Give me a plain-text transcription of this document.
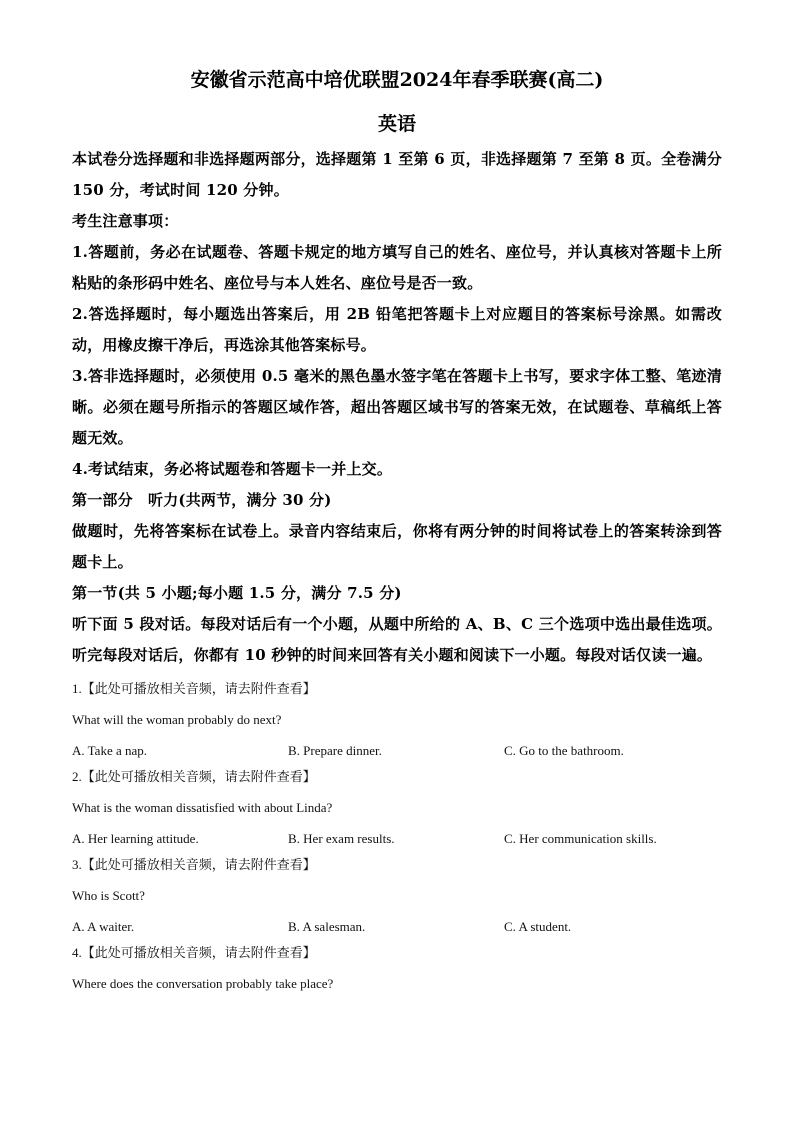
安徽省示范高中培优联盟2024年春季联赛(高二)
英语

本试卷分选择题和非选择题两部分，选择题第 1 至第 6 页，非选择题第 7 至第 8 页。全卷满分 150 分，考试时间 120 分钟。

考生注意事项：

1.答题前，务必在试题卷、答题卡规定的地方填写自己的姓名、座位号，并认真核对答题卡上所粘贴的条形码中姓名、座位号与本人姓名、座位号是否一致。

2.答选择题时，每小题选出答案后，用 2B 铅笔把答题卡上对应题目的答案标号涂黑。如需改动，用橡皮擦干净后，再选涂其他答案标号。

3.答非选择题时，必须使用 0.5 毫米的黑色墨水签字笔在答题卡上书写，要求字体工整、笔迹清晰。必须在题号所指示的答题区域作答，超出答题区域书写的答案无效，在试题卷、草稿纸上答题无效。

4.考试结束，务必将试题卷和答题卡一并上交。

第一部分　听力(共两节，满分 30 分)

做题时，先将答案标在试卷上。录音内容结束后，你将有两分钟的时间将试卷上的答案转涂到答题卡上。

第一节(共 5 小题;每小题 1.5 分，满分 7.5 分)

听下面 5 段对话。每段对话后有一个小题，从题中所给的 A、B、C 三个选项中选出最佳选项。听完每段对话后，你都有 10 秒钟的时间来回答有关小题和阅读下一小题。每段对话仅读一遍。

1.【此处可播放相关音频，请去附件查看】

What will the woman probably do next?

A. Take a nap.	B. Prepare dinner.	C. Go to the bathroom.

2.【此处可播放相关音频，请去附件查看】

What is the woman dissatisfied with about Linda?

A. Her learning attitude.	B. Her exam results.	C. Her communication skills.

3.【此处可播放相关音频，请去附件查看】

Who is Scott?

A. A waiter.	B. A salesman.	C. A student.

4.【此处可播放相关音频，请去附件查看】

Where does the conversation probably take place?
